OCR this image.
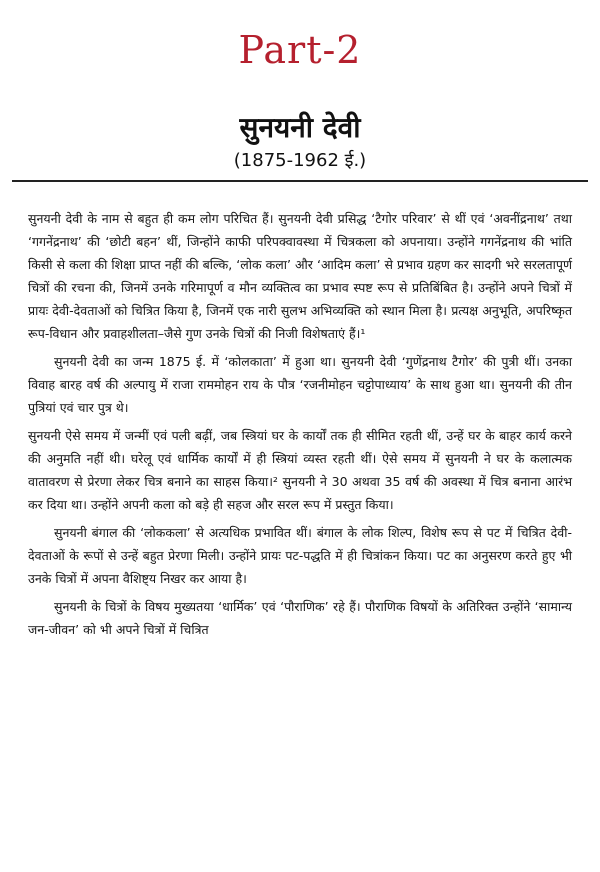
Part-2
सुनयनी देवी
(1875-1962 ई.)

सुनयनी देवी के नाम से बहुत ही कम लोग परिचित हैं। सुनयनी देवी प्रसिद्ध ‘टैगोर परिवार’ से थीं एवं ‘अवनींद्रनाथ’ तथा ‘गगनेंद्रनाथ’ की ‘छोटी बहन’ थीं, जिन्होंने काफी परिपक्वावस्था में चित्रकला को अपनाया। उन्होंने गगनेंद्रनाथ की भांति किसी से कला की शिक्षा प्राप्त नहीं की बल्कि, ‘लोक कला’ और ‘आदिम कला’ से प्रभाव ग्रहण कर सादगी भरे सरलतापूर्ण चित्रों की रचना की, जिनमें उनके गरिमापूर्ण व मौन व्यक्तित्व का प्रभाव स्पष्ट रूप से प्रतिबिंबित है। उन्होंने अपने चित्रों में प्रायः देवी-देवताओं को चित्रित किया है, जिनमें एक नारी सुलभ अभिव्यक्ति को स्थान मिला है। प्रत्यक्ष अनुभूति, अपरिष्कृत रूप-विधान और प्रवाहशीलता–जैसे गुण उनके चित्रों की निजी विशेषताएं हैं।¹

सुनयनी देवी का जन्म 1875 ई. में ‘कोलकाता’ में हुआ था। सुनयनी देवी ‘गुणेंद्रनाथ टैगोर’ की पुत्री थीं। उनका विवाह बारह वर्ष की अल्पायु में राजा राममोहन राय के पौत्र ‘रजनीमोहन चट्टोपाध्याय’ के साथ हुआ था। सुनयनी की तीन पुत्रियां एवं चार पुत्र थे।

सुनयनी ऐसे समय में जन्मीं एवं पली बढ़ीं, जब स्त्रियां घर के कार्यों तक ही सीमित रहती थीं, उन्हें घर के बाहर कार्य करने की अनुमति नहीं थी। घरेलू एवं धार्मिक कार्यों में ही स्त्रियां व्यस्त रहती थीं। ऐसे समय में सुनयनी ने घर के कलात्मक वातावरण से प्रेरणा लेकर चित्र बनाने का साहस किया।² सुनयनी ने 30 अथवा 35 वर्ष की अवस्था में चित्र बनाना आरंभ कर दिया था। उन्होंने अपनी कला को बड़े ही सहज और सरल रूप में प्रस्तुत किया।

सुनयनी बंगाल की ‘लोककला’ से अत्यधिक प्रभावित थीं। बंगाल के लोक शिल्प, विशेष रूप से पट में चित्रित देवी-देवताओं के रूपों से उन्हें बहुत प्रेरणा मिली। उन्होंने प्रायः पट-पद्धति में ही चित्रांकन किया। पट का अनुसरण करते हुए भी उनके चित्रों में अपना वैशिष्ट्य निखर कर आया है।

सुनयनी के चित्रों के विषय मुख्यतया ‘धार्मिक’ एवं ‘पौराणिक’ रहे हैं। पौराणिक विषयों के अतिरिक्त उन्होंने ‘सामान्य जन-जीवन’ को भी अपने चित्रों में चित्रित
